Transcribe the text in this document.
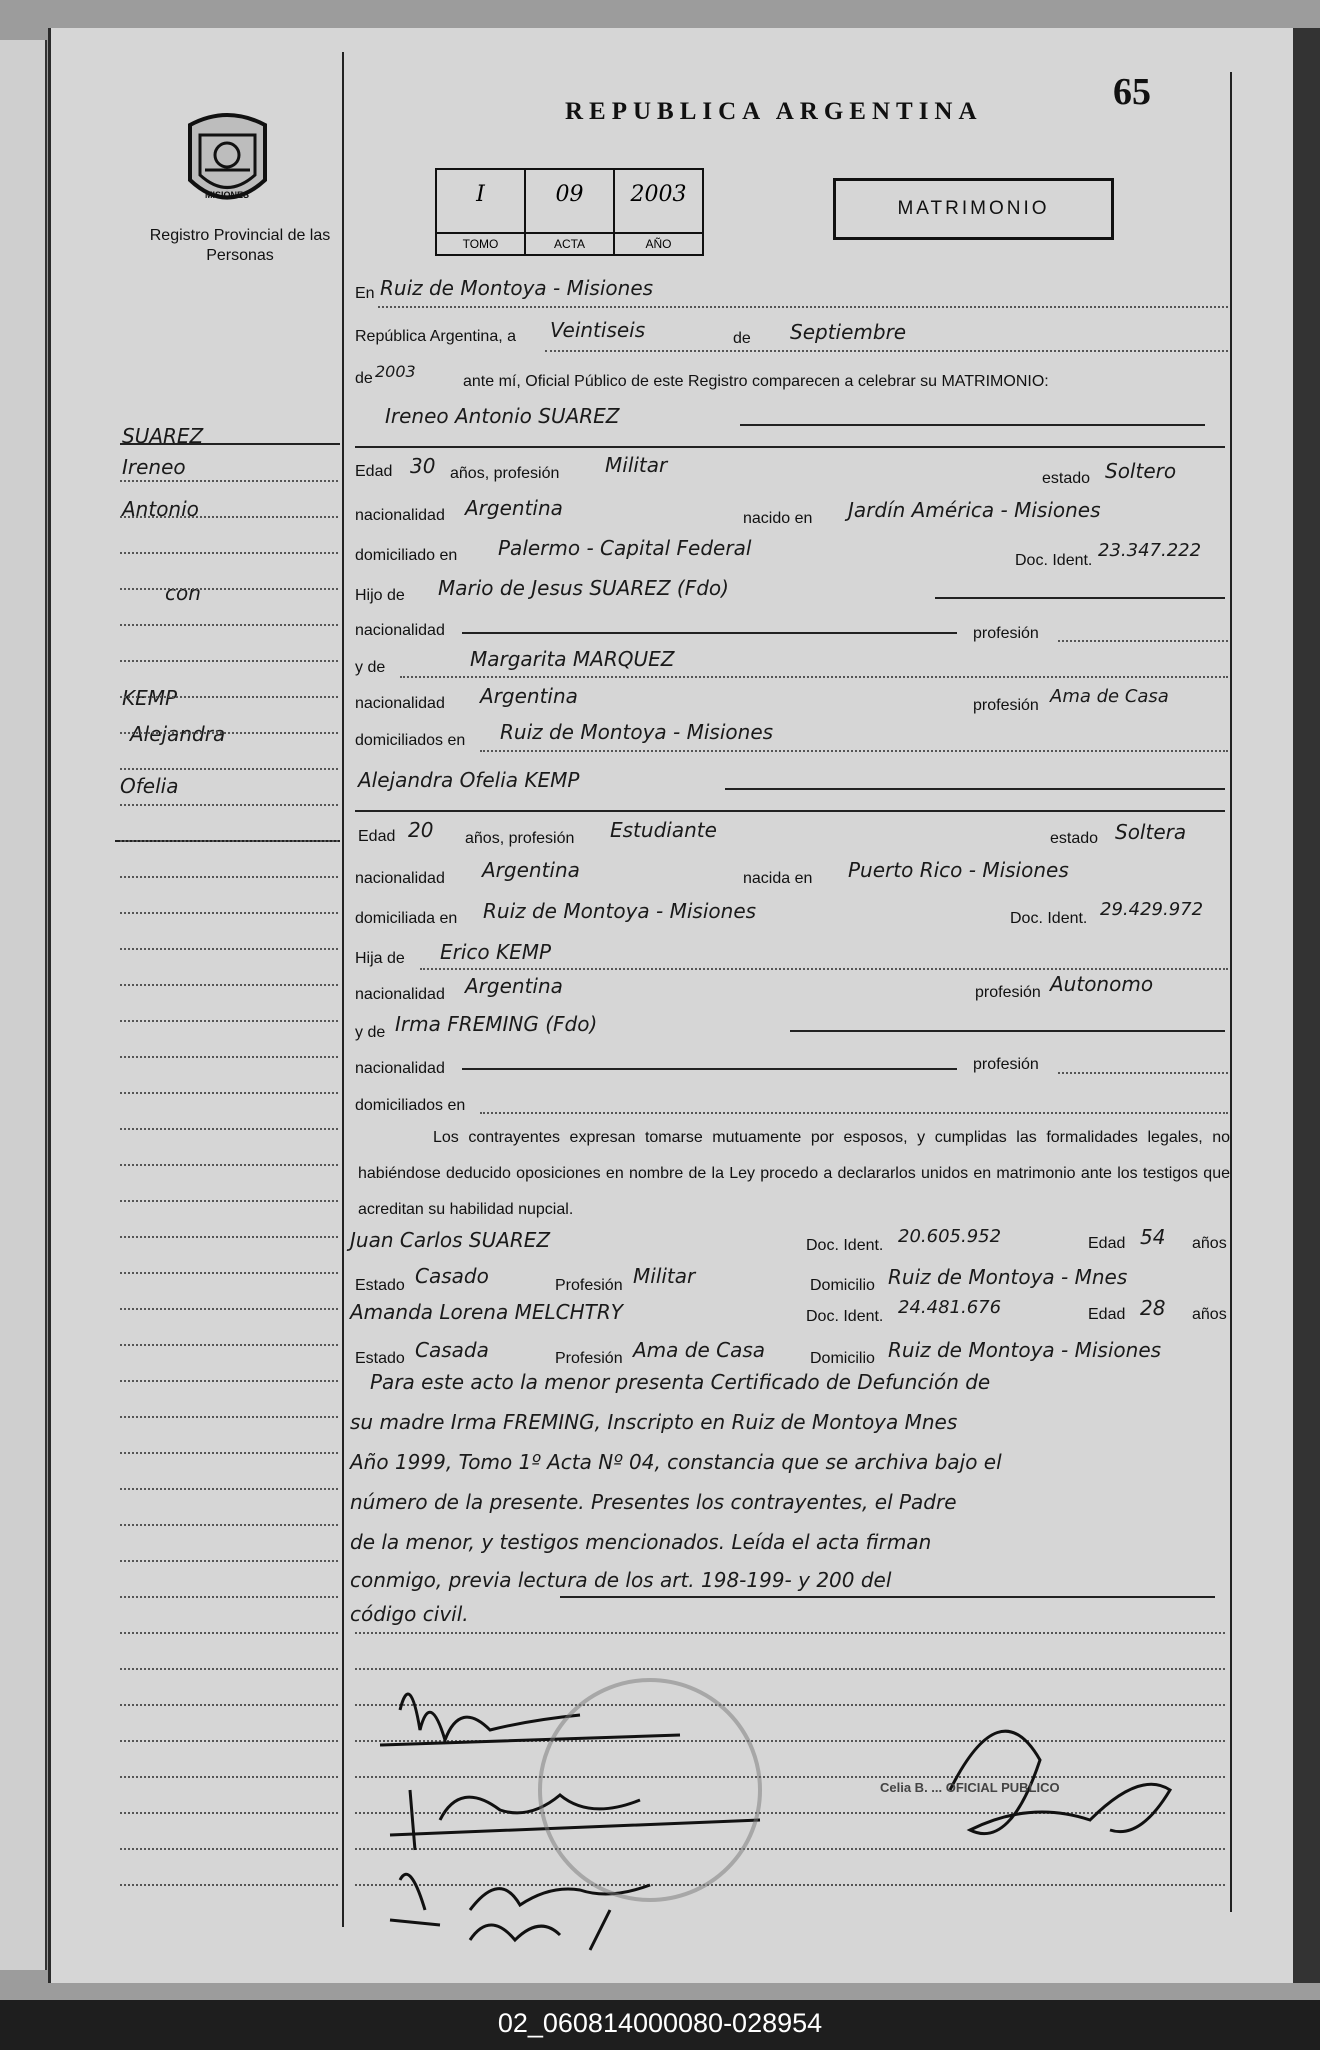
MISIONES
Registro Provincial de las Personas
REPUBLICA ARGENTINA	65
I
TOMO
09
ACTA
2003
AÑO
MATRIMONIO
En Ruiz de Montoya - Misiones
República Argentina, a Veintiseis	de Septiembre
de 2003
ante mí, Oficial Público de este Registro comparecen a celebrar su MATRIMONIO:
SUAREZ
Ireneo
Antonio
con
KEMP
Alejandra
Ofelia
Ireneo Antonio SUAREZ
Edad 30 años, profesión Militar
estado Soltero
nacionalidad Argentina	nacido en Jardín América - Misiones
domiciliado en Palermo - Capital Federal
Doc. Ident. 23.347.222
Hijo de Mario de Jesus SUAREZ (Fdo)
nacionalidad	profesión
y de	Margarita MARQUEZ
nacionalidad Argentina	profesión Ama de Casa
domiciliados en Ruiz de Montoya - Misiones
Alejandra Ofelia KEMP
Edad 20 años, profesión Estudiante	estado Soltera
nacionalidad Argentina	nacida en Puerto Rico - Misiones
domiciliada en Ruiz de Montoya - Misiones	Doc. Ident. 29.429.972
Hija de Erico KEMP
nacionalidad Argentina	profesión Autonomo
y de Irma FREMING (Fdo)
nacionalidad	profesión
domiciliados en
Los contrayentes expresan tomarse mutuamente por esposos, y cumplidas las formalidades legales, no habiéndose deducido oposiciones en nombre de la Ley procedo a declararlos unidos en matrimonio ante los testigos que acreditan su habilidad nupcial.
Juan Carlos SUAREZ	Doc. Ident. 20.605.952	Edad 54 años
Estado Casado	Profesión Militar	Domicilio Ruiz de Montoya - Mnes
Amanda Lorena MELCHTRY	Doc. Ident. 24.481.676	Edad 28 años
Estado Casada	Profesión Ama de Casa	Domicilio Ruiz de Montoya - Misiones
Para este acto la menor presenta Certificado de Defunción de
su madre Irma FREMING, Inscripto en Ruiz de Montoya Mnes
Año 1999, Tomo 1º Acta Nº 04, constancia que se archiva bajo el
número de la presente. Presentes los contrayentes, el Padre
de la menor, y testigos mencionados. Leída el acta firman
conmigo, previa lectura de los art. 198-199- y 200 del
código civil.
Celia B. ... OFICIAL PUBLICO
02_060814000080-028954
